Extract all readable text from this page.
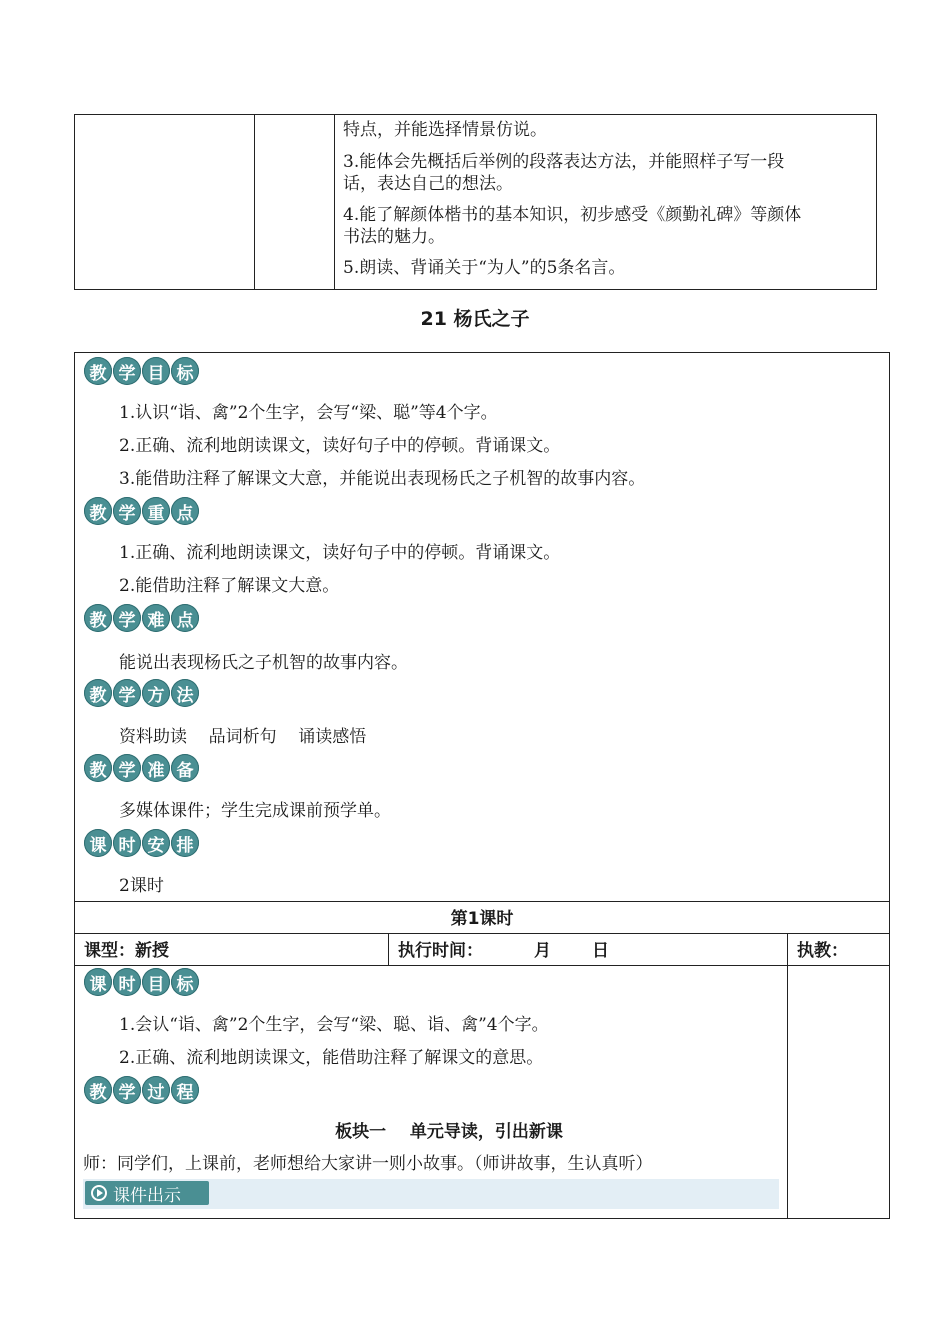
特点，并能选择情景仿说。

3.能体会先概括后举例的段落表达方法，并能照样子写一段

话，表达自己的想法。

4.能了解颜体楷书的基本知识，初步感受《颜勤礼碑》等颜体

书法的魅力。

5.朗读、背诵关于“为人”的5条名言。

21 杨氏之子
教 学 目 标
1.认识“诣、禽”2个生字，会写“梁、聪”等4个字。
2.正确、流利地朗读课文，读好句子中的停顿。背诵课文。
3.能借助注释了解课文大意，并能说出表现杨氏之子机智的故事内容。
教 学 重 点
1.正确、流利地朗读课文，读好句子中的停顿。背诵课文。
2.能借助注释了解课文大意。
教 学 难 点
能说出表现杨氏之子机智的故事内容。
教 学 方 法
资料助读    品词析句    诵读感悟
教 学 准 备
多媒体课件；学生完成课前预学单。
课 时 安 排
2课时
第1课时
课型：新授	执行时间：	月 日	执教：
课 时 目 标
1.会认“诣、禽”2个生字，会写“梁、聪、诣、禽”4个字。
2.正确、流利地朗读课文，能借助注释了解课文的意思。
教 学 过 程
板块一    单元导读，引出新课
师：同学们，上课前，老师想给大家讲一则小故事。（师讲故事，生认真听）
课件出示
